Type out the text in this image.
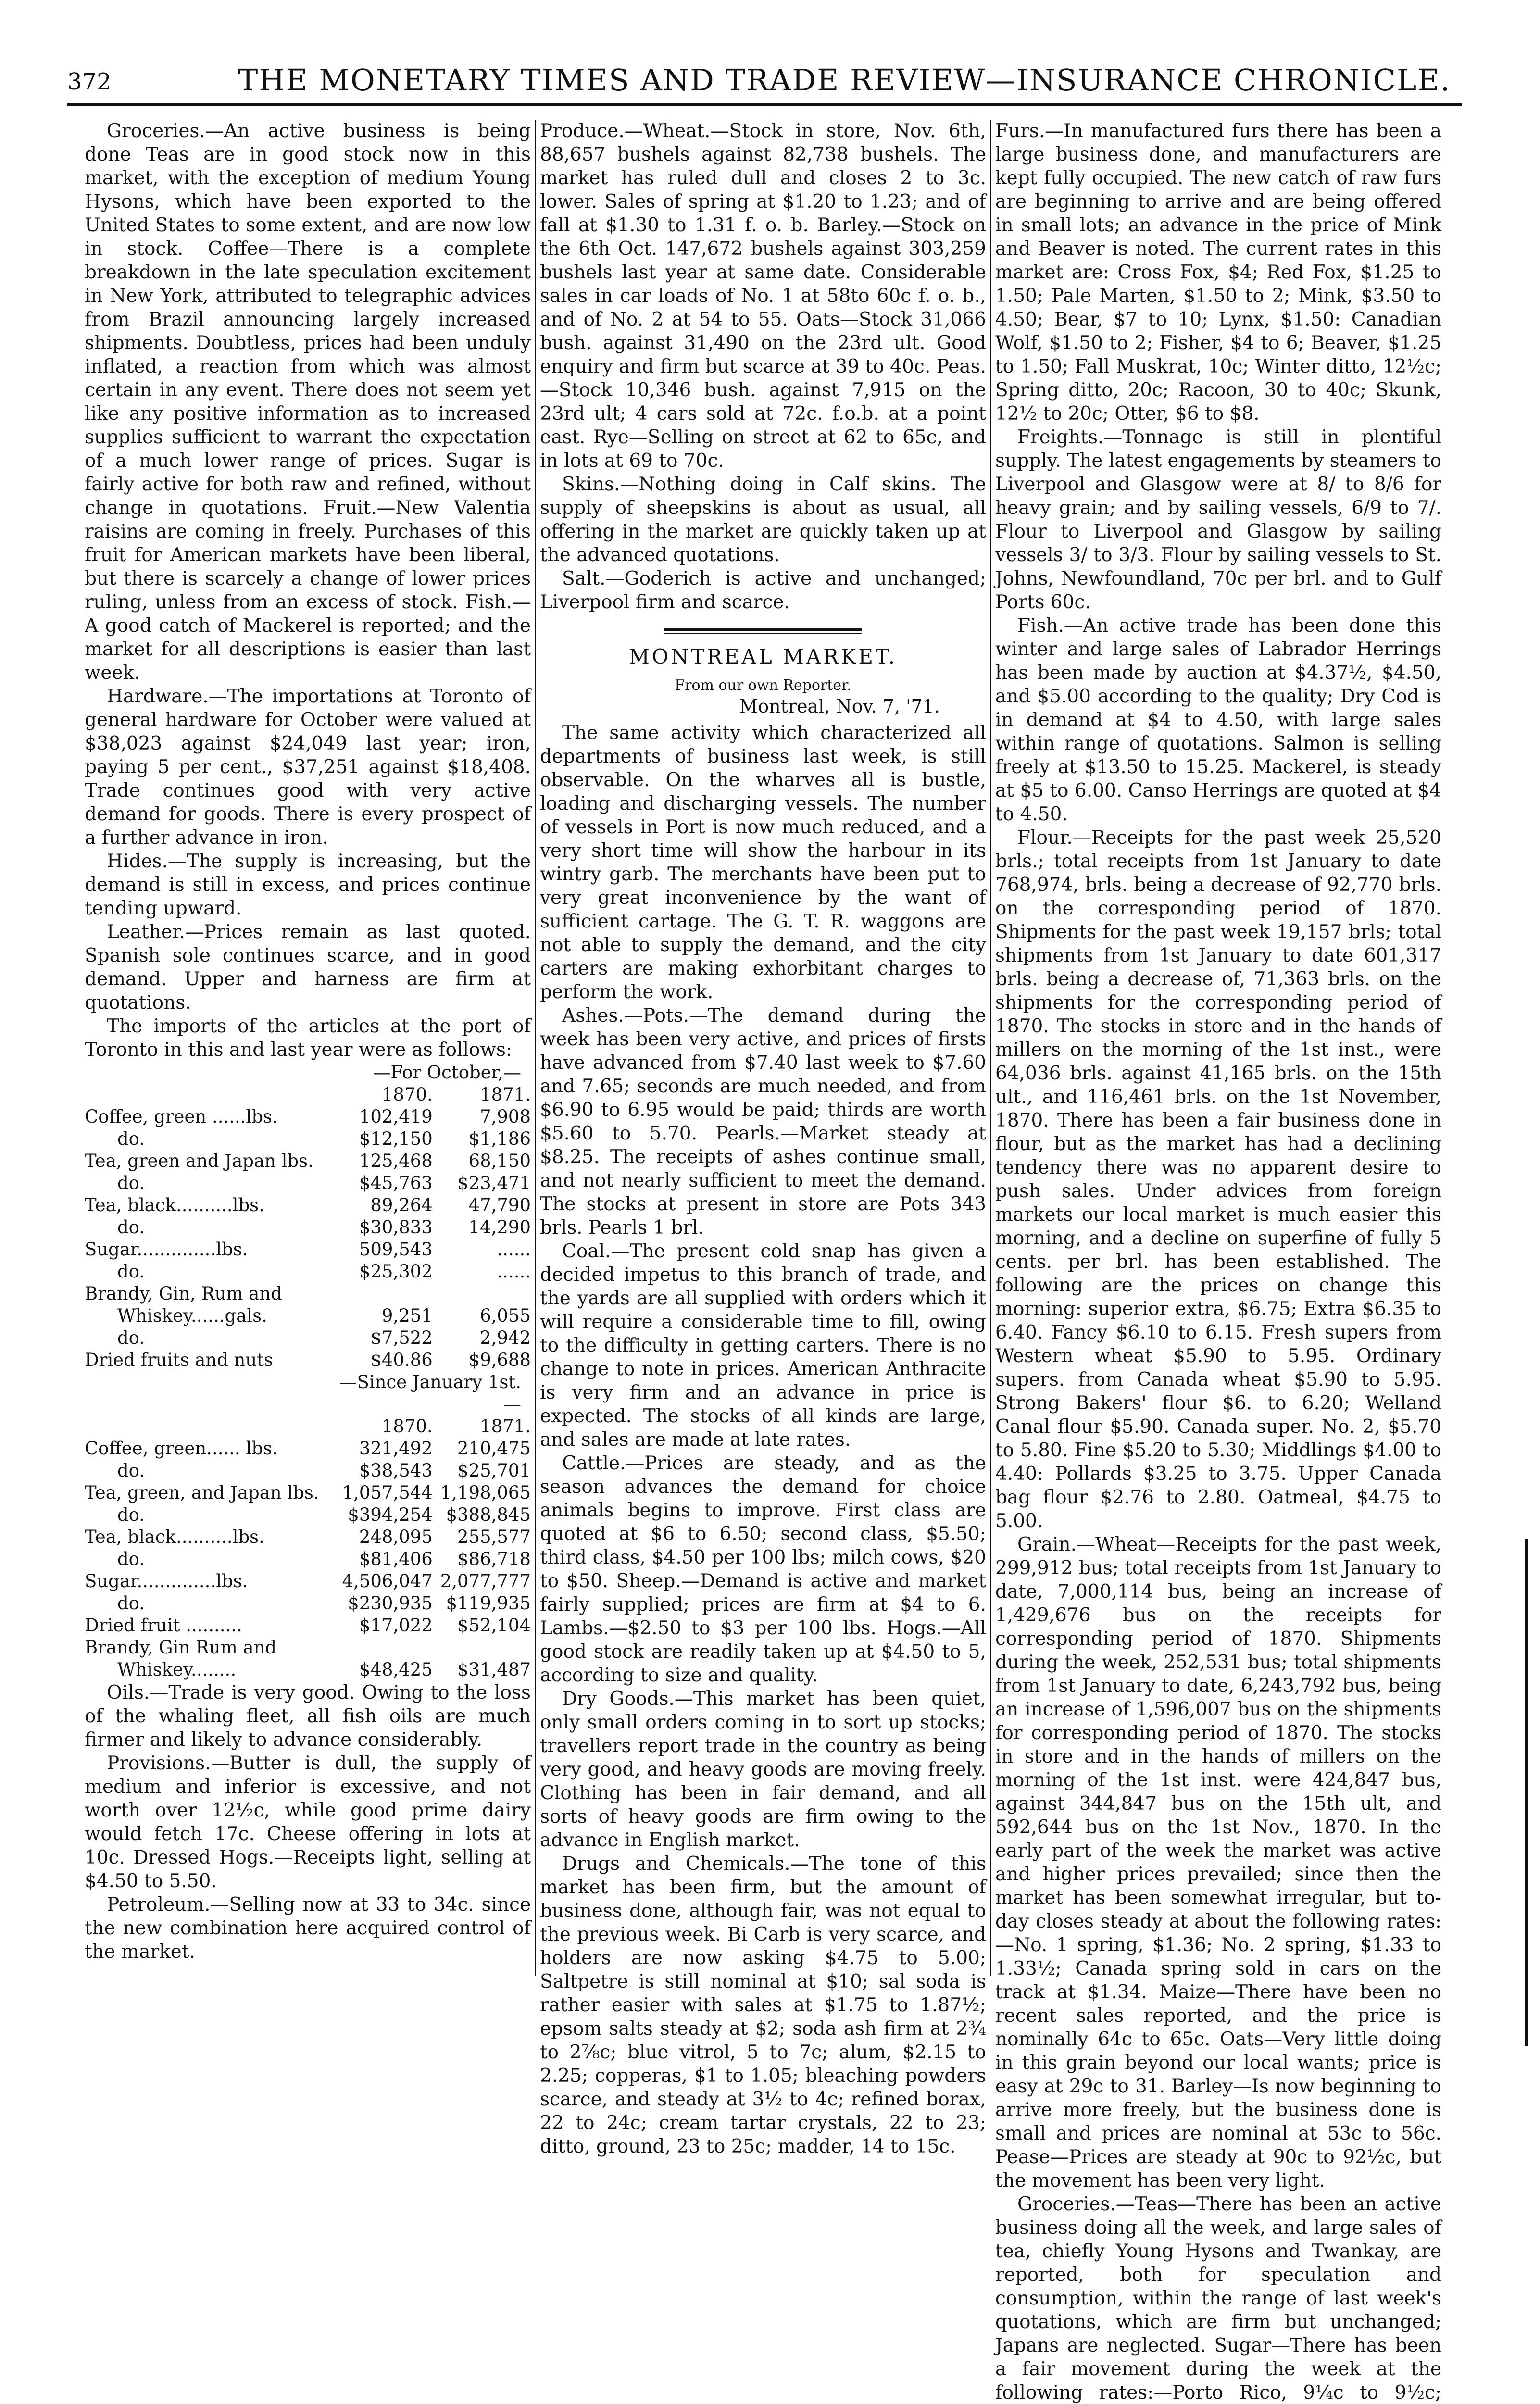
372	THE MONETARY TIMES AND TRADE REVIEW—INSURANCE CHRONICLE.

Groceries.—An active business is being done Teas are in good stock now in this market, with the exception of medium Young Hysons, which have been exported to the United States to some extent, and are now low in stock. Coffee—There is a complete breakdown in the late speculation excitement in New York, attributed to telegraphic advices from Brazil announcing largely increased shipments. Doubtless, prices had been unduly inflated, a reaction from which was almost certain in any event. There does not seem yet like any positive information as to increased supplies sufficient to warrant the expectation of a much lower range of prices. Sugar is fairly active for both raw and refined, without change in quotations. Fruit.—New Valentia raisins are coming in freely. Purchases of this fruit for American markets have been liberal, but there is scarcely a change of lower prices ruling, unless from an excess of stock. Fish.—A good catch of Mackerel is reported; and the market for all descriptions is easier than last week.

Hardware.—The importations at Toronto of general hardware for October were valued at $38,023 against $24,049 last year; iron, paying 5 per cent., $37,251 against $18,408. Trade continues good with very active demand for goods. There is every prospect of a further advance in iron.

Hides.—The supply is increasing, but the demand is still in excess, and prices continue tending upward.

Leather.—Prices remain as last quoted. Spanish sole continues scarce, and in good demand. Upper and harness are firm at quotations.

The imports of the articles at the port of Toronto in this and last year were as follows:

	—For October,—	
	1870.	1871.
Coffee, green ......lbs.	102,419	7,908
do.	$12,150	$1,186
Tea, green and Japan lbs.	125,468	68,150
do.	$45,763	$23,471
Tea, black..........lbs.	89,264	47,790
do.	$30,833	14,290
Sugar..............lbs.	509,543	......
do.	$25,302	......
Brandy, Gin, Rum and		
Whiskey......gals.	9,251	6,055
do.	$7,522	2,942
Dried fruits and nuts	$40.86	$9,688
	—Since January 1st.—	
	1870.	1871.
Coffee, green...... lbs.	321,492	210,475
do.	$38,543	$25,701
Tea, green, and Japan lbs.	1,057,544	1,198,065
do.	$394,254	$388,845
Tea, black..........lbs.	248,095	255,577
do.	$81,406	$86,718
Sugar..............lbs.	4,506,047	2,077,777
do.	$230,935	$119,935
Dried fruit ..........	$17,022	$52,104
Brandy, Gin Rum and		
Whiskey........	$48,425	$31,487

Oils.—Trade is very good. Owing to the loss of the whaling fleet, all fish oils are much firmer and likely to advance considerably.

Provisions.—Butter is dull, the supply of medium and inferior is excessive, and not worth over 12½c, while good prime dairy would fetch 17c. Cheese offering in lots at 10c. Dressed Hogs.—Receipts light, selling at $4.50 to 5.50.

Petroleum.—Selling now at 33 to 34c. since the new combination here acquired control of the market.

Produce.—Wheat.—Stock in store, Nov. 6th, 88,657 bushels against 82,738 bushels. The market has ruled dull and closes 2 to 3c. lower. Sales of spring at $1.20 to 1.23; and of fall at $1.30 to 1.31 f. o. b. Barley.—Stock on the 6th Oct. 147,672 bushels against 303,259 bushels last year at same date. Considerable sales in car loads of No. 1 at 58to 60c f. o. b., and of No. 2 at 54 to 55. Oats—Stock 31,066 bush. against 31,490 on the 23rd ult. Good enquiry and firm but scarce at 39 to 40c. Peas.—Stock 10,346 bush. against 7,915 on the 23rd ult; 4 cars sold at 72c. f.o.b. at a point east. Rye—Selling on street at 62 to 65c, and in lots at 69 to 70c.

Skins.—Nothing doing in Calf skins. The supply of sheepskins is about as usual, all offering in the market are quickly taken up at the advanced quotations.

Salt.—Goderich is active and unchanged; Liverpool firm and scarce.

MONTREAL MARKET.
From our own Reporter.
Montreal, Nov. 7, '71.

The same activity which characterized all departments of business last week, is still observable. On the wharves all is bustle, loading and discharging vessels. The number of vessels in Port is now much reduced, and a very short time will show the harbour in its wintry garb. The merchants have been put to very great inconvenience by the want of sufficient cartage. The G. T. R. waggons are not able to supply the demand, and the city carters are making exhorbitant charges to perform the work.

Ashes.—Pots.—The demand during the week has been very active, and prices of firsts have advanced from $7.40 last week to $7.60 and 7.65; seconds are much needed, and from $6.90 to 6.95 would be paid; thirds are worth $5.60 to 5.70. Pearls.—Market steady at $8.25. The receipts of ashes continue small, and not nearly sufficient to meet the demand. The stocks at present in store are Pots 343 brls. Pearls 1 brl.

Coal.—The present cold snap has given a decided impetus to this branch of trade, and the yards are all supplied with orders which it will require a considerable time to fill, owing to the difficulty in getting carters. There is no change to note in prices. American Anthracite is very firm and an advance in price is expected. The stocks of all kinds are large, and sales are made at late rates.

Cattle.—Prices are steady, and as the season advances the demand for choice animals begins to improve. First class are quoted at $6 to 6.50; second class, $5.50; third class, $4.50 per 100 lbs; milch cows, $20 to $50. Sheep.—Demand is active and market fairly supplied; prices are firm at $4 to 6. Lambs.—$2.50 to $3 per 100 lbs. Hogs.—All good stock are readily taken up at $4.50 to 5, according to size and quality.

Dry Goods.—This market has been quiet, only small orders coming in to sort up stocks; travellers report trade in the country as being very good, and heavy goods are moving freely. Clothing has been in fair demand, and all sorts of heavy goods are firm owing to the advance in English market.

Drugs and Chemicals.—The tone of this market has been firm, but the amount of business done, although fair, was not equal to the previous week. Bi Carb is very scarce, and holders are now asking $4.75 to 5.00; Saltpetre is still nominal at $10; sal soda is rather easier with sales at $1.75 to 1.87½; epsom salts steady at $2; soda ash firm at 2¾ to 2⅞c; blue vitrol, 5 to 7c; alum, $2.15 to 2.25; copperas, $1 to 1.05; bleaching powders scarce, and steady at 3½ to 4c; refined borax, 22 to 24c; cream tartar crystals, 22 to 23; ditto, ground, 23 to 25c; madder, 14 to 15c.

Furs.—In manufactured furs there has been a large business done, and manufacturers are kept fully occupied. The new catch of raw furs are beginning to arrive and are being offered in small lots; an advance in the price of Mink and Beaver is noted. The current rates in this market are: Cross Fox, $4; Red Fox, $1.25 to 1.50; Pale Marten, $1.50 to 2; Mink, $3.50 to 4.50; Bear, $7 to 10; Lynx, $1.50: Canadian Wolf, $1.50 to 2; Fisher, $4 to 6; Beaver, $1.25 to 1.50; Fall Muskrat, 10c; Winter ditto, 12½c; Spring ditto, 20c; Racoon, 30 to 40c; Skunk, 12½ to 20c; Otter, $6 to $8.

Freights.—Tonnage is still in plentiful supply. The latest engagements by steamers to Liverpool and Glasgow were at 8/ to 8/6 for heavy grain; and by sailing vessels, 6/9 to 7/. Flour to Liverpool and Glasgow by sailing vessels 3/ to 3/3. Flour by sailing vessels to St. Johns, Newfoundland, 70c per brl. and to Gulf Ports 60c.

Fish.—An active trade has been done this winter and large sales of Labrador Herrings has been made by auction at $4.37½, $4.50, and $5.00 according to the quality; Dry Cod is in demand at $4 to 4.50, with large sales within range of quotations. Salmon is selling freely at $13.50 to 15.25. Mackerel, is steady at $5 to 6.00. Canso Herrings are quoted at $4 to 4.50.

Flour.—Receipts for the past week 25,520 brls.; total receipts from 1st January to date 768,974, brls. being a decrease of 92,770 brls. on the corresponding period of 1870. Shipments for the past week 19,157 brls; total shipments from 1st January to date 601,317 brls. being a decrease of, 71,363 brls. on the shipments for the corresponding period of 1870. The stocks in store and in the hands of millers on the morning of the 1st inst., were 64,036 brls. against 41,165 brls. on the 15th ult., and 116,461 brls. on the 1st November, 1870. There has been a fair business done in flour, but as the market has had a declining tendency there was no apparent desire to push sales. Under advices from foreign markets our local market is much easier this morning, and a decline on superfine of fully 5 cents. per brl. has been established. The following are the prices on change this morning: superior extra, $6.75; Extra $6.35 to 6.40. Fancy $6.10 to 6.15. Fresh supers from Western wheat $5.90 to 5.95. Ordinary supers. from Canada wheat $5.90 to 5.95. Strong Bakers' flour $6. to 6.20; Welland Canal flour $5.90. Canada super. No. 2, $5.70 to 5.80. Fine $5.20 to 5.30; Middlings $4.00 to 4.40: Pollards $3.25 to 3.75. Upper Canada bag flour $2.76 to 2.80. Oatmeal, $4.75 to 5.00.

Grain.—Wheat—Receipts for the past week, 299,912 bus; total receipts from 1st January to date, 7,000,114 bus, being an increase of 1,429,676 bus on the receipts for corresponding period of 1870. Shipments during the week, 252,531 bus; total shipments from 1st January to date, 6,243,792 bus, being an increase of 1,596,007 bus on the shipments for corresponding period of 1870. The stocks in store and in the hands of millers on the morning of the 1st inst. were 424,847 bus, against 344,847 bus on the 15th ult, and 592,644 bus on the 1st Nov., 1870. In the early part of the week the market was active and higher prices prevailed; since then the market has been somewhat irregular, but to-day closes steady at about the following rates:—No. 1 spring, $1.36; No. 2 spring, $1.33 to 1.33½; Canada spring sold in cars on the track at $1.34. Maize—There have been no recent sales reported, and the price is nominally 64c to 65c. Oats—Very little doing in this grain beyond our local wants; price is easy at 29c to 31. Barley—Is now beginning to arrive more freely, but the business done is small and prices are nominal at 53c to 56c. Pease—Prices are steady at 90c to 92½c, but the movement has been very light.

Groceries.—Teas—There has been an active business doing all the week, and large sales of tea, chiefly Young Hysons and Twankay, are reported, both for speculation and consumption, within the range of last week's quotations, which are firm but unchanged; Japans are neglected. Sugar—There has been a fair movement during the week at the following rates:—Porto Rico, 9¼c to 9½c;
